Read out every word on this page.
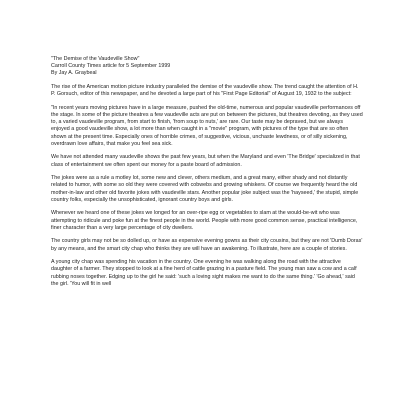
"The Demise of the Vaudeville Show"
Carroll County Times article for 5 September 1999
By Jay A. Graybeal

The rise of the American motion picture industry paralleled the demise of the vaudeville show. The trend caught the attention of H. P. Gorsuch, editor of this newspaper, and he devoted a large part of his "First Page Editorial" of August 19, 1932 to the subject:

"In recent years moving pictures have in a large measure, pushed the old-time, numerous and popular vaudeville performances off the stage. In some of the picture theatres a few vaudeville acts are put on between the pictures, but theatres devoting, as they used to, a varied vaudeville program, from start to finish, 'from soup to nuts,' are rare. Our taste may be depraved, but we always enjoyed a good vaudeville show, a lot more than when caught in a "movie" program, with pictures of the type that are so often shown at the present time. Especially ones of horrible crimes, of suggestive, vicious, unchaste lewdness, or of silly sickening, overdrawn love affairs, that make you feel sea sick.

We have not attended many vaudeville shows the past few years, but when the Maryland and even 'The Bridge' specialized in that class of entertainment we often spent our money for a paste board of admission.

The jokes were as a rule a motley lot, some new and clever, others medium, and a great many, either shady and not distantly related to humor, with some so old they were covered with cobwebs and growing whiskers. Of course we frequently heard the old mother-in-law and other old favorite jokes with vaudeville stars. Another popular joke subject was the 'hayseed,' the stupid, simple country folks, especially the unsophisticated, ignorant country boys and girls.

Whenever we heard one of these jokes we longed for an over-ripe egg or vegetables to slam at the would-be-wit who was attempting to ridicule and poke fun at the finest people in the world. People with more good common sense, practical intelligence, finer character than a very large percentage of city dwellers.

The country girls may not be so dolled up, or have as expensive evening gowns as their city cousins, but they are not 'Dumb Doras' by any means, and the smart city chap who thinks they are will have an awakening. To illustrate, here are a couple of stories.

A young city chap was spending his vacation in the country. One evening he was walking along the road with the attractive daughter of a farmer. They stopped to look at a fine herd of cattle grazing in a pasture field. The young man saw a cow and a calf rubbing noses together. Edging up to the girl he said: 'such a loving sight makes me want to do the same thing.' 'Go ahead,' said the girl. 'You will fit in well
